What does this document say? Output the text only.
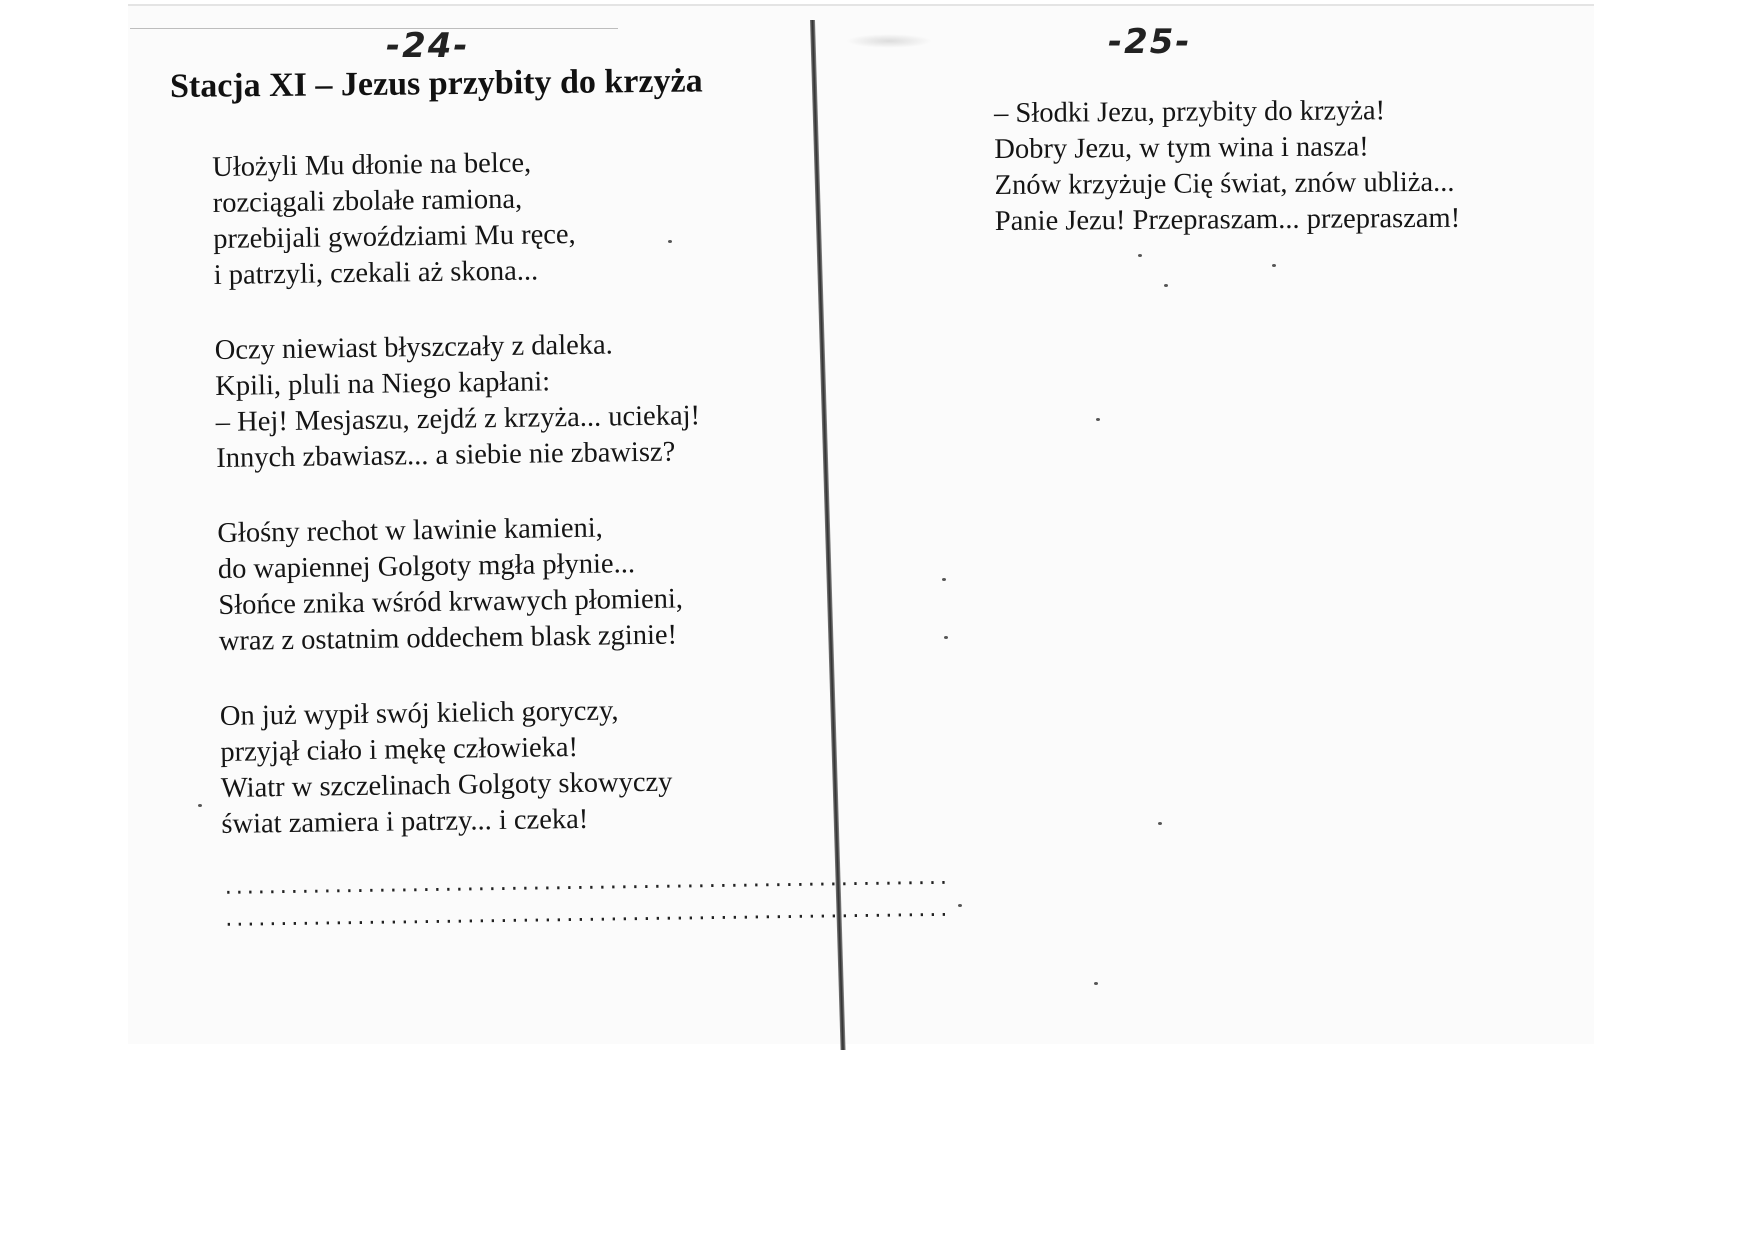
-24-
Stacja XI – Jezus przybity do krzyża
Ułożyli Mu dłonie na belce,
rozciągali zbolałe ramiona,
przebijali gwoździami Mu ręce,
i patrzyli, czekali aż skona...
Oczy niewiast błyszczały z daleka.
Kpili, pluli na Niego kapłani:
– Hej! Mesjaszu, zejdź z krzyża... uciekaj!
Innych zbawiasz... a siebie nie zbawisz?
Głośny rechot w lawinie kamieni,
do wapiennej Golgoty mgła płynie...
Słońce znika wśród krwawych płomieni,
wraz z ostatnim oddechem blask zginie!
On już wypił swój kielich goryczy,
przyjął ciało i mękę człowieka!
Wiatr w szczelinach Golgoty skowyczy
świat zamiera i patrzy... i czeka!
..................................................................
..................................................................
-25-
– Słodki Jezu, przybity do krzyża!
Dobry Jezu, w tym wina i nasza!
Znów krzyżuje Cię świat, znów ubliża...
Panie Jezu! Przepraszam... przepraszam!
